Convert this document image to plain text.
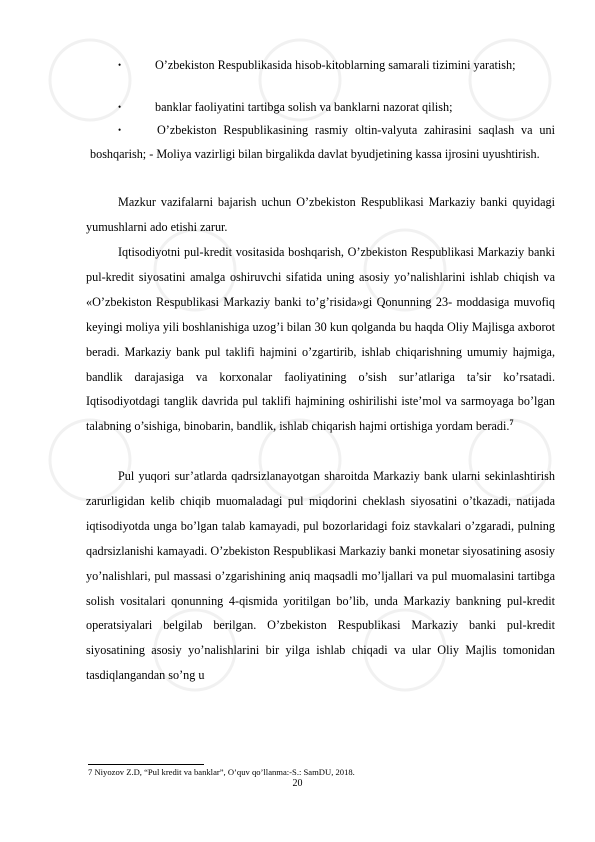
•	O’zbekiston Respublikasida hisob-kitoblarning samarali tizimini yaratish;
•	banklar faoliyatini tartibga solish va banklarni nazorat qilish;
•	O’zbekiston Respublikasining rasmiy oltin-valyuta zahirasini saqlash va uni boshqarish; - Moliya vazirligi bilan birgalikda davlat byudjetining kassa ijrosini uyushtirish.

Mazkur vazifalarni bajarish uchun O’zbekiston Respublikasi Markaziy banki quyidagi yumushlarni ado etishi zarur.

Iqtisodiyotni pul-kredit vositasida boshqarish, O’zbekiston Respublikasi Markaziy banki pul-kredit siyosatini amalga oshiruvchi sifatida uning asosiy yo’nalishlarini ishlab chiqish va «O’zbekiston Respublikasi Markaziy banki to’g’risida»gi Qonunning 23- moddasiga muvofiq keyingi moliya yili boshlanishiga uzog’i bilan 30 kun qolganda bu haqda Oliy Majlisga axborot beradi. Markaziy bank pul taklifi hajmini o’zgartirib, ishlab chiqarishning umumiy hajmiga, bandlik darajasiga va korxonalar faoliyatining o’sish sur’atlariga ta’sir ko’rsatadi. Iqtisodiyotdagi tanglik davrida pul taklifi hajmining oshirilishi iste’mol va sarmoyaga bo’lgan talabning o’sishiga, binobarin, bandlik, ishlab chiqarish hajmi ortishiga yordam beradi.$^7$

Pul yuqori sur’atlarda qadrsizlanayotgan sharoitda Markaziy bank ularni sekinlashtirish zarurligidan kelib chiqib muomaladagi pul miqdorini cheklash siyosatini o’tkazadi, natijada iqtisodiyotda unga bo’lgan talab kamayadi, pul bozorlaridagi foiz stavkalari o’zgaradi, pulning qadrsizlanishi kamayadi. O’zbekiston Respublikasi Markaziy banki monetar siyosatining asosiy yo’nalishlari, pul massasi o’zgarishining aniq maqsadli mo’ljallari va pul muomalasini tartibga solish vositalari qonunning 4-qismida yoritilgan bo’lib, unda Markaziy bankning pul-kredit operatsiyalari belgilab berilgan. O’zbekiston Respublikasi Markaziy banki pul-kredit siyosatining asosiy yo’nalishlarini bir yilga ishlab chiqadi va ular Oliy Majlis tomonidan tasdiqlangandan so’ng u

7 Niyozov Z.D, “Pul kredit va banklar”, O’quv qo’llanma:-S.: SamDU, 2018.
20
